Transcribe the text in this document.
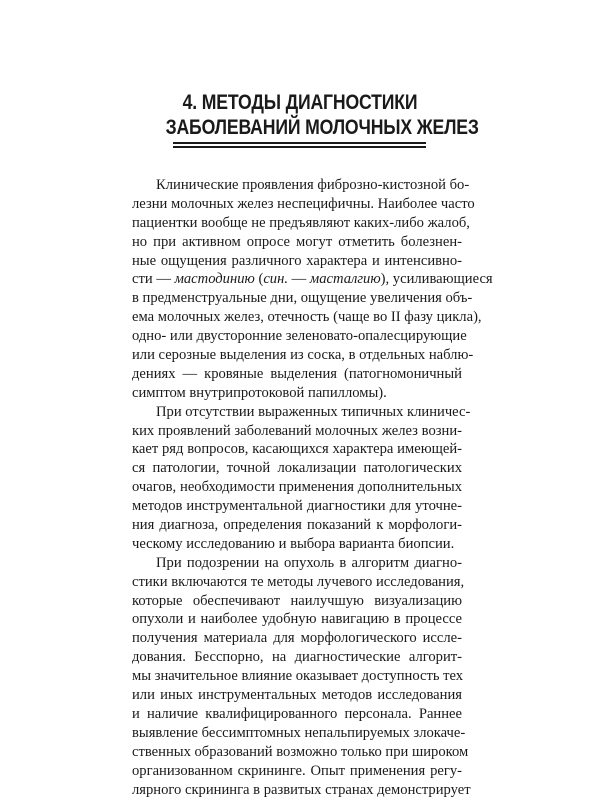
4. МЕТОДЫ ДИАГНОСТИКИ
ЗАБОЛЕВАНИЙ МОЛОЧНЫХ ЖЕЛЕЗ
Клинические проявления фиброзно-кистозной бо-
лезни молочных желез неспецифичны. Наиболее часто
пациентки вообще не предъявляют каких-либо жалоб,
но при активном опросе могут отметить болезнен-
ные ощущения различного характера и интенсивно-
сти — мастодинию (син. — масталгию), усиливающиеся
в предменструальные дни, ощущение увеличения объ-
ема молочных желез, отечность (чаще во II фазу цикла),
одно- или двусторонние зеленовато-опалесцирующие
или серозные выделения из соска, в отдельных наблю-
дениях — кровяные выделения (патогномоничный
симптом внутрипротоковой папилломы).
При отсутствии выраженных типичных клиничес-
ких проявлений заболеваний молочных желез возни-
кает ряд вопросов, касающихся характера имеющей-
ся патологии, точной локализации патологических
очагов, необходимости применения дополнительных
методов инструментальной диагностики для уточне-
ния диагноза, определения показаний к морфологи-
ческому исследованию и выбора варианта биопсии.
При подозрении на опухоль в алгоритм диагно-
стики включаются те методы лучевого исследования,
которые обеспечивают наилучшую визуализацию
опухоли и наиболее удобную навигацию в процессе
получения материала для морфологического иссле-
дования. Бесспорно, на диагностические алгорит-
мы значительное влияние оказывает доступность тех
или иных инструментальных методов исследования
и наличие квалифицированного персонала. Раннее
выявление бессимптомных непальпируемых злокаче-
ственных образований возможно только при широком
организованном скрининге. Опыт применения регу-
лярного скрининга в развитых странах демонстрирует
